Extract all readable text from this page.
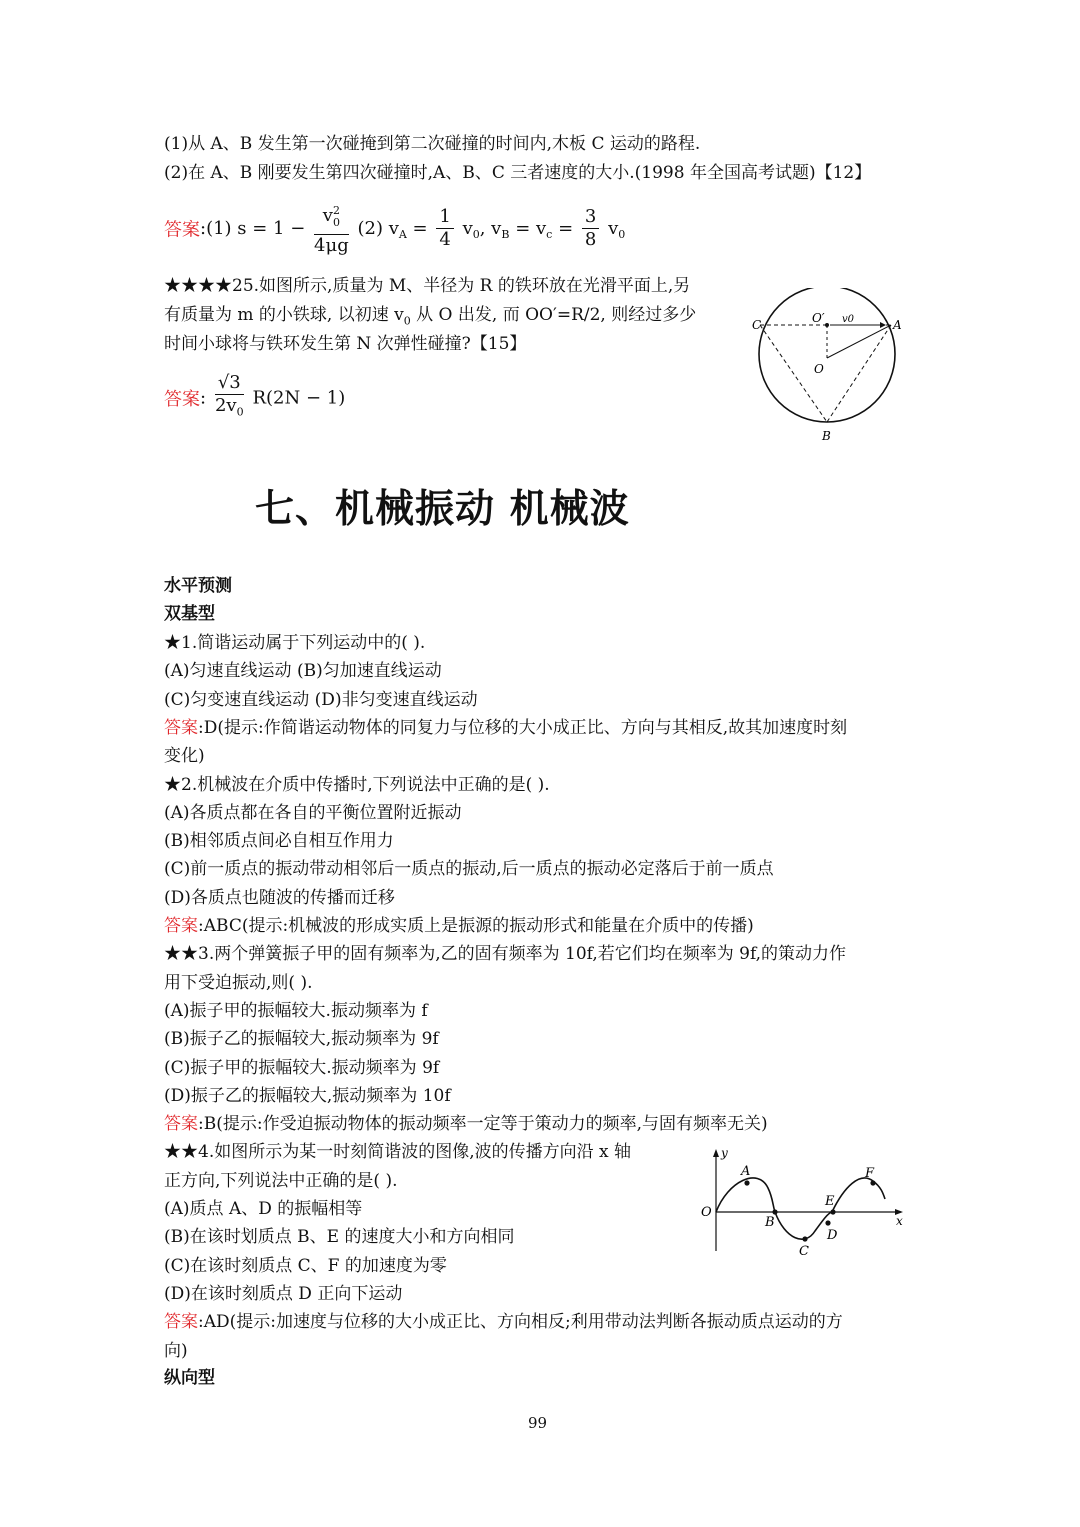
(1)从 A、B 发生第一次碰掩到第二次碰撞的时间内,木板 C 运动的路程.
(2)在 A、B 刚要发生第四次碰撞时,A、B、C 三者速度的大小.(1998 年全国高考试题)【12】
答案:(1) $s = 1 - \frac{v^2_0}{4\mu g} (2) v_A = \frac{1}{4} v_0$, $v_B = v_c = \frac{3}{8} v_0$
★★★★25.如图所示,质量为 M、半径为 R 的铁环放在光滑平面上,另
有质量为 m 的小铁球, 以初速 $v_0$ 从 O 出发, 而 OO′=R/2, 则经过多少
时间小球将与铁环发生第 N 次弹性碰撞?【15】
答案: $\frac{√3}{2v_0} R(2N - 1)$
C	O′ v0	A
O
B
七、机械振动 机械波
水平预测
双基型
★1.简谐运动属于下列运动中的( ).
(A)匀速直线运动 (B)匀加速直线运动
(C)匀变速直线运动 (D)非匀变速直线运动
答案:D(提示:作简谐运动物体的同复力与位移的大小成正比、方向与其相反,故其加速度时刻
变化)
★2.机械波在介质中传播时,下列说法中正确的是( ).
(A)各质点都在各自的平衡位置附近振动
(B)相邻质点间必自相互作用力
(C)前一质点的振动带动相邻后一质点的振动,后一质点的振动必定落后于前一质点
(D)各质点也随波的传播而迁移
答案:ABC(提示:机械波的形成实质上是振源的振动形式和能量在介质中的传播)
★★3.两个弹簧振子甲的固有频率为,乙的固有频率为 10f,若它们均在频率为 9f,的策动力作
用下受迫振动,则( ).
(A)振子甲的振幅较大.振动频率为 f
(B)振子乙的振幅较大,振动频率为 9f
(C)振子甲的振幅较大.振动频率为 9f
(D)振子乙的振幅较大,振动频率为 10f
答案:B(提示:作受迫振动物体的振动频率一定等于策动力的频率,与固有频率无关)
★★4.如图所示为某一时刻简谐波的图像,波的传播方向沿 x 轴
正方向,下列说法中正确的是( ).
(A)质点 A、D 的振幅相等
(B)在该时划质点 B、E 的速度大小和方向相同
(C)在该时刻质点 C、F 的加速度为零
(D)在该时刻质点 D 正向下运动
答案:AD(提示:加速度与位移的大小成正比、方向相反;利用带动法判断各振动质点运动的方
向)
纵向型
y
A	F
E
O
B	x
D
C
99
